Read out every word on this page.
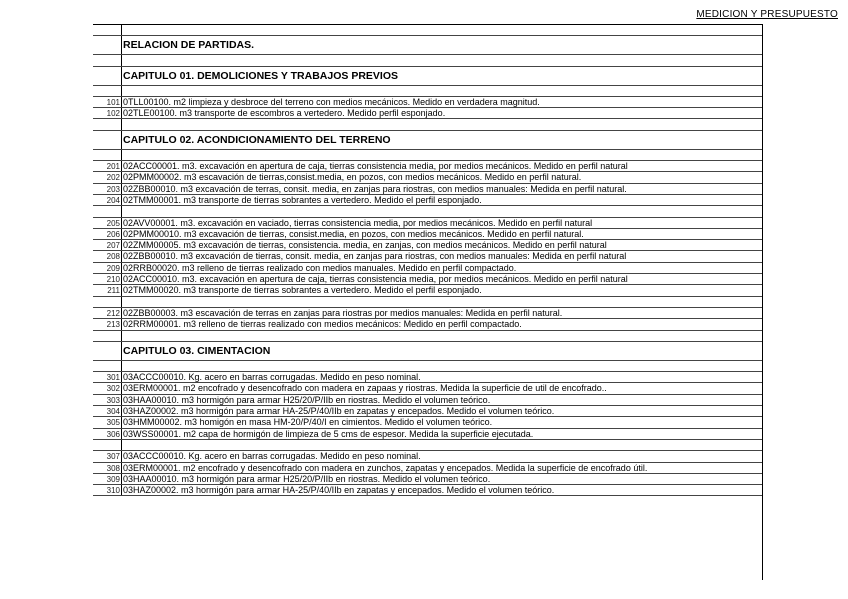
MEDICION Y PRESUPUESTO
RELACION DE PARTIDAS.
CAPITULO 01. DEMOLICIONES Y TRABAJOS PREVIOS
101 0TLL00100. m2 limpieza y desbroce del terreno con medios mecánicos. Medido en verdadera magnitud.
102 02TLE00100. m3 transporte de escombros a vertedero. Medido perfil esponjado.
CAPITULO 02. ACONDICIONAMIENTO DEL TERRENO
201 02ACC00001. m3. excavación en apertura de caja, tierras consistencia media, por medios mecánicos. Medido en perfil natural
202 02PMM00002. m3 escavación de tierras,consist.media, en pozos, con medios mecánicos. Medido en perfil natural.
203 02ZBB00010. m3 excavación de terras, consit. media, en zanjas para riostras, con medios manuales: Medida en perfil natural.
204 02TMM00001. m3 transporte de tierras sobrantes a vertedero. Medido el perfil esponjado.
205 02AVV00001. m3. excavación en vaciado, tierras consistencia media, por medios mecánicos. Medido en perfil natural
206 02PMM00010. m3 excavación de tierras, consist.media, en pozos, con medios mecánicos. Medido en perfil natural.
207 02ZMM00005. m3 excavación de tierras, consistencia. media, en zanjas, con medios mecánicos. Medido en perfil natural
208 02ZBB00010. m3 excavación de tierras, consit. media, en zanjas para riostras, con medios manuales: Medida en perfil natural
209 02RRB00020. m3 relleno de tierras realizado con medios manuales. Medido en perfil compactado.
210 02ACC00010. m3. excavación en apertura de caja, tierras consistencia media, por medios mecánicos. Medido en perfil natural
211 02TMM00020. m3 transporte de tierras sobrantes a vertedero. Medido el perfil esponjado.
212 02ZBB00003. m3 escavación de terras en zanjas para riostras por medios manuales: Medida en perfil natural.
213 02RRM00001. m3 relleno de tierras realizado con medios mecánicos: Medido en perfil compactado.
CAPITULO 03. CIMENTACION
301 03ACCC00010. Kg. acero en barras corrugadas. Medido en peso nominal.
302 03ERM00001. m2 encofrado y desencofrado con madera en zapaas y riostras. Medida la superficie de util de encofrado..
303 03HAA00010. m3 hormigón para armar H25/20/P/IIb en riostras. Medido el volumen teórico.
304 03HAZ00002. m3 hormigón para armar HA-25/P/40/IIb en zapatas y encepados. Medido el volumen teórico.
305 03HMM00002. m3 homigón en masa HM-20/P/40/I en cimientos. Medido el volumen teórico.
306 03WSS00001. m2 capa de hormigón de limpieza de 5 cms de espesor. Medida la superficie ejecutada.
307 03ACCC00010. Kg. acero en barras corrugadas. Medido en peso nominal.
308 03ERM00001. m2 encofrado y desencofrado con madera en zunchos, zapatas y encepados. Medida la superficie de encofrado útil.
309 03HAA00010. m3 hormigón para armar H25/20/P/IIb en riostras. Medido el volumen teórico.
310 03HAZ00002. m3 hormigón para armar HA-25/P/40/IIb en zapatas y encepados. Medido el volumen teórico.
